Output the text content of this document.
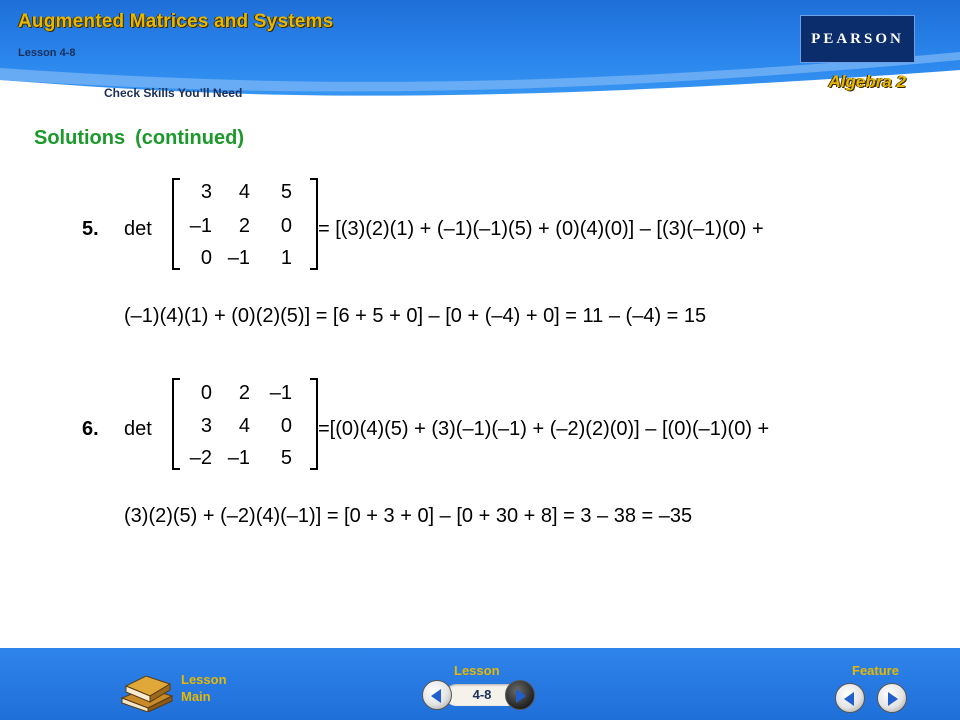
Augmented Matrices and Systems
Lesson 4-8
Check Skills You’ll Need
PEARSON
Algebra 2
Solutions (continued)
5. det
3	4	5
–1	2	0
0 –1	1
= [(3)(2)(1) + (–1)(–1)(5) + (0)(4)(0)] – [(3)(–1)(0) +
(–1)(4)(1) + (0)(2)(5)] = [6 + 5 + 0] – [0 + (–4) + 0] = 11 – (–4) = 15
6. det
0	2 –1
3	4	0
–2 –1	5
=[(0)(4)(5) + (3)(–1)(–1) + (–2)(2)(0)] – [(0)(–1)(0) +
(3)(2)(5) + (–2)(4)(–1)] = [0 + 3 + 0] – [0 + 30 + 8] = 3 – 38 = –35
Lesson
Main
Lesson
4-8
Feature
